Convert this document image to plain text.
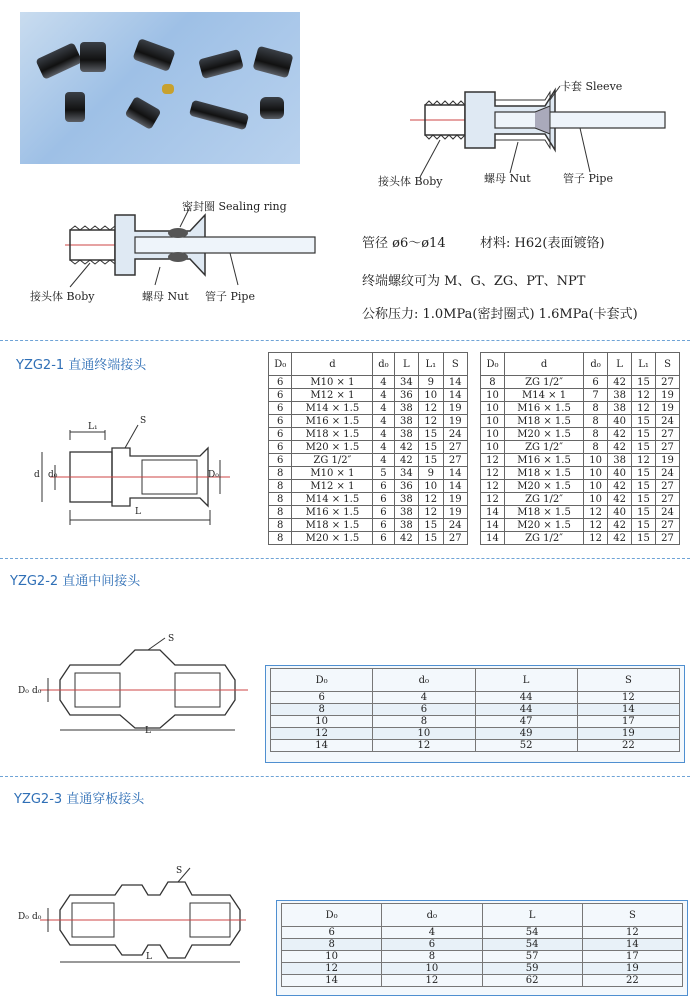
卡套 Sleeve
接头体 Boby	螺母 Nut	管子 Pipe
密封圈 Sealing ring
接头体 Boby	螺母 Nut 管子 Pipe
管径 ø6～ø14	材料: H62(表面镀铬)
终端螺纹可为 M、G、ZG、PT、NPT
公称压力: 1.0MPa(密封圈式) 1.6MPa(卡套式)
YZG2-1 直通终端接头
L₁
S
d d₀	D₀
L
D₀	d	d₀	L	L₁	S
6	M10 × 1	4	34	9	14
6	M12 × 1	4	36	10	14
6	M14 × 1.5	4	38	12	19
6	M16 × 1.5	4	38	12	19
6	M18 × 1.5	4	38	15	24
6	M20 × 1.5	4	42	15	27
6	ZG 1/2″	4	42	15	27
8	M10 × 1	5	34	9	14
8	M12 × 1	6	36	10	14
8	M14 × 1.5	6	38	12	19
8	M16 × 1.5	6	38	12	19
8	M18 × 1.5	6	38	15	24
8	M20 × 1.5	6	42	15	27
D₀	d	d₀	L	L₁	S
8	ZG 1/2″	6	42	15	27
10	M14 × 1	7	38	12	19
10	M16 × 1.5	8	38	12	19
10	M18 × 1.5	8	40	15	24
10	M20 × 1.5	8	42	15	27
10	ZG 1/2″	8	42	15	27
12	M16 × 1.5	10	38	12	19
12	M18 × 1.5	10	40	15	24
12	M20 × 1.5	10	42	15	27
12	ZG 1/2″	10	42	15	27
14	M18 × 1.5	12	40	15	24
14	M20 × 1.5	12	42	15	27
14	ZG 1/2″	12	42	15	27
YZG2-2 直通中间接头
S
D₀ d₀
L
D₀	d₀	L	S
6	4	44	12
8	6	44	14
10	8	47	17
12	10	49	19
14	12	52	22
YZG2-3 直通穿板接头
S
D₀ d₀
L
D₀	d₀	L	S
6	4	54	12
8	6	54	14
10	8	57	17
12	10	59	19
14	12	62	22
